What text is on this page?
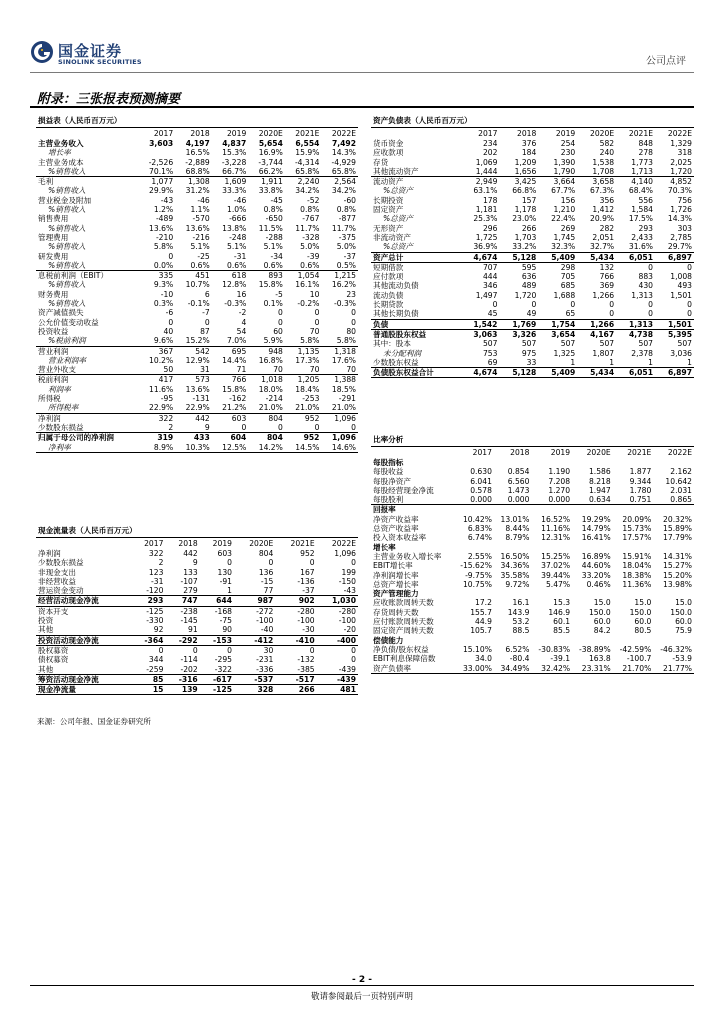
国金证券
SINOLINK SECURITIES	公司点评
附录：三张报表预测摘要
损益表（人民币百万元）						
	2017	2018	2019	2020E	2021E	2022E
主营业务收入	3,603	4,197	4,837	5,654	6,554	7,492
增长率		16.5%	15.3%	16.9%	15.9%	14.3%
主营业务成本	-2,526	-2,889	-3,228	-3,744	-4,314	-4,929
%销售收入	70.1%	68.8%	66.7%	66.2%	65.8%	65.8%
毛利	1,077	1,308	1,609	1,911	2,240	2,564
%销售收入	29.9%	31.2%	33.3%	33.8%	34.2%	34.2%
营业税金及附加	-43	-46	-46	-45	-52	-60
%销售收入	1.2%	1.1%	1.0%	0.8%	0.8%	0.8%
销售费用	-489	-570	-666	-650	-767	-877
%销售收入	13.6%	13.6%	13.8%	11.5%	11.7%	11.7%
管理费用	-210	-216	-248	-288	-328	-375
%销售收入	5.8%	5.1%	5.1%	5.1%	5.0%	5.0%
研发费用	0	-25	-31	-34	-39	-37
%销售收入	0.0%	0.6%	0.6%	0.6%	0.6%	0.5%
息税前利润（EBIT）	335	451	618	893	1,054	1,215
%销售收入	9.3%	10.7%	12.8%	15.8%	16.1%	16.2%
财务费用	-10	6	16	-5	10	23
%销售收入	0.3%	-0.1%	-0.3%	0.1%	-0.2%	-0.3%
资产减值损失	-6	-7	-2	0	0	0
公允价值变动收益	0	0	4	0	0	0
投资收益	40	87	54	60	70	80
%税前利润	9.6%	15.2%	7.0%	5.9%	5.8%	5.8%
营业利润	367	542	695	948	1,135	1,318
营业利润率	10.2%	12.9%	14.4%	16.8%	17.3%	17.6%
营业外收支	50	31	71	70	70	70
税前利润	417	573	766	1,018	1,205	1,388
利润率	11.6%	13.6%	15.8%	18.0%	18.4%	18.5%
所得税	-95	-131	-162	-214	-253	-291
所得税率	22.9%	22.9%	21.2%	21.0%	21.0%	21.0%
净利润	322	442	603	804	952	1,096
少数股东损益	2	9	0	0	0	0
归属于母公司的净利润	319	433	604	804	952	1,096
净利率	8.9%	10.3%	12.5%	14.2%	14.5%	14.6%
资产负债表（人民币百万元）						
	2017	2018	2019	2020E	2021E	2022E
货币资金	234	376	254	582	848	1,329
应收款项	202	184	230	240	278	318
存货	1,069	1,209	1,390	1,538	1,773	2,025
其他流动资产	1,444	1,656	1,790	1,708	1,713	1,720
流动资产	2,949	3,425	3,664	3,658	4,140	4,852
%总资产	63.1%	66.8%	67.7%	67.3%	68.4%	70.3%
长期投资	178	157	156	356	556	756
固定资产	1,181	1,178	1,210	1,412	1,584	1,726
%总资产	25.3%	23.0%	22.4%	20.9%	17.5%	14.3%
无形资产	296	266	269	282	293	303
非流动资产	1,725	1,703	1,745	2,051	2,433	2,785
%总资产	36.9%	33.2%	32.3%	32.7%	31.6%	29.7%
资产总计	4,674	5,128	5,409	5,434	6,051	6,897
短期借款	707	595	298	132	0	0
应付款项	444	636	705	766	883	1,008
其他流动负债	346	489	685	369	430	493
流动负债	1,497	1,720	1,688	1,266	1,313	1,501
长期贷款	0	0	0	0	0	0
其他长期负债	45	49	65	0	0	0
负债	1,542	1,769	1,754	1,266	1,313	1,501
普通股股东权益	3,063	3,326	3,654	4,167	4,738	5,395
其中：股本	507	507	507	507	507	507
未分配利润	753	975	1,325	1,807	2,378	3,036
少数股东权益	69	33	1	1	1	1
负债股东权益合计	4,674	5,128	5,409	5,434	6,051	6,897
比率分析						
	2017	2018	2019	2020E	2021E	2022E
每股指标						
每股收益	0.630	0.854	1.190	1.586	1.877	2.162
每股净资产	6.041	6.560	7.208	8.218	9.344	10.642
每股经营现金净流	0.578	1.473	1.270	1.947	1.780	2.031
每股股利	0.000	0.000	0.000	0.634	0.751	0.865
回报率						
净资产收益率	10.42%	13.01%	16.52%	19.29%	20.09%	20.32%
总资产收益率	6.83%	8.44%	11.16%	14.79%	15.73%	15.89%
投入资本收益率	6.74%	8.79%	12.31%	16.41%	17.57%	17.79%
增长率						
主营业务收入增长率	2.55%	16.50%	15.25%	16.89%	15.91%	14.31%
EBIT增长率	-15.62%	34.36%	37.02%	44.60%	18.04%	15.27%
净利润增长率	-9.75%	35.58%	39.44%	33.20%	18.38%	15.20%
总资产增长率	10.75%	9.72%	5.47%	0.46%	11.36%	13.98%
资产管理能力						
应收账款周转天数	17.2	16.1	15.3	15.0	15.0	15.0
存货周转天数	155.7	143.9	146.9	150.0	150.0	150.0
应付账款周转天数	44.9	53.2	60.1	60.0	60.0	60.0
固定资产周转天数	105.7	88.5	85.5	84.2	80.5	75.9
偿债能力						
净负债/股东权益	15.10%	6.52%	-30.83%	-38.89%	-42.59%	-46.32%
EBIT利息保障倍数	34.0	-80.4	-39.1	163.8	-100.7	-53.9
资产负债率	33.00%	34.49%	32.42%	23.31%	21.70%	21.77%
现金流量表（人民币百万元）						
	2017	2018	2019	2020E	2021E	2022E
净利润	322	442	603	804	952	1,096
少数股东损益	2	9	0	0	0	0
非现金支出	123	133	130	136	167	199
非经营收益	-31	-107	-91	-15	-136	-150
营运资金变动	-120	279	1	77	-37	-43
经营活动现金净流	293	747	644	987	902	1,030
资本开支	-125	-238	-168	-272	-280	-280
投资	-330	-145	-75	-100	-100	-100
其他	92	91	90	-40	-30	-20
投资活动现金净流	-364	-292	-153	-412	-410	-400
股权募资	0	0	0	30	0	0
债权募资	344	-114	-295	-231	-132	0
其他	-259	-202	-322	-336	-385	-439
筹资活动现金净流	85	-316	-617	-537	-517	-439
现金净流量	15	139	-125	328	266	481
来源：公司年报、国金证券研究所
- 2 -
敬请参阅最后一页特别声明
